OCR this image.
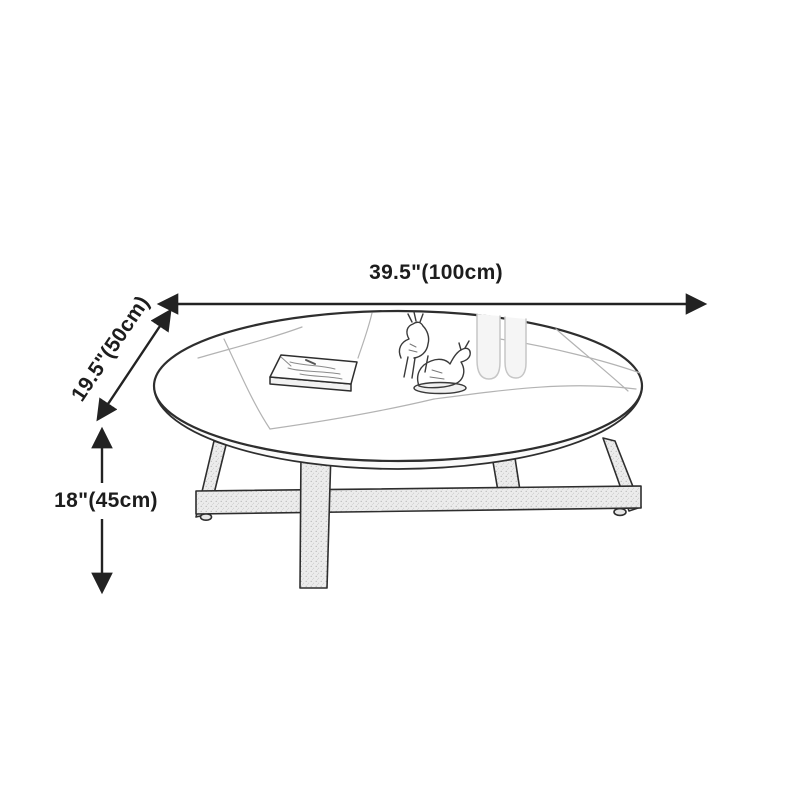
39.5"(100cm)
19.5"(50cm)
18"(45cm)
